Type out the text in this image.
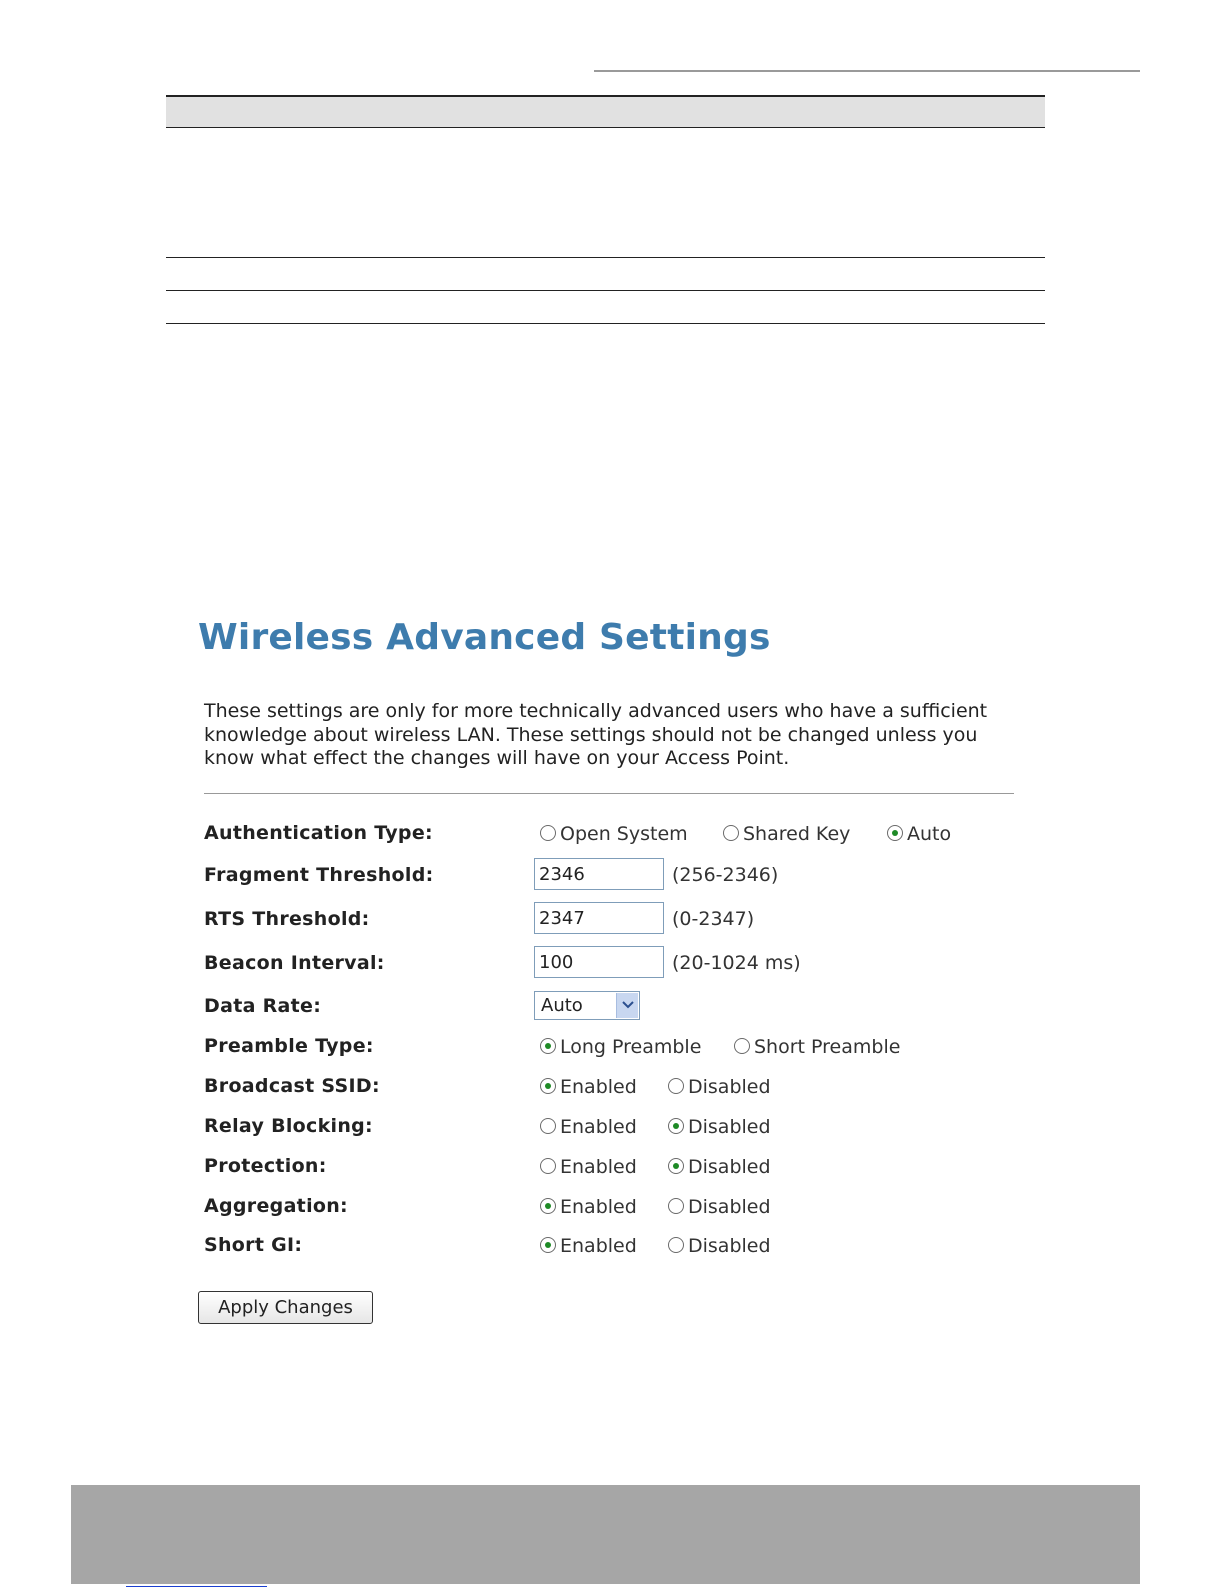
Wireless Advanced Settings
These settings are only for more technically advanced users who have a sufficient knowledge about wireless LAN. These settings should not be changed unless you know what effect the changes will have on your Access Point.
Authentication Type:	Open System	Shared Key	Auto
Fragment Threshold:
2346	(256-2346)
RTS Threshold:
2347	(0-2347)
Beacon Interval:
100	(20-1024 ms)
Data Rate:	Auto
Preamble Type:	Long Preamble	Short Preamble
Broadcast SSID:	Enabled	Disabled
Relay Blocking:	Enabled	Disabled
Protection:	Enabled	Disabled
Aggregation:	Enabled	Disabled
Short GI:	Enabled	Disabled
Apply Changes
